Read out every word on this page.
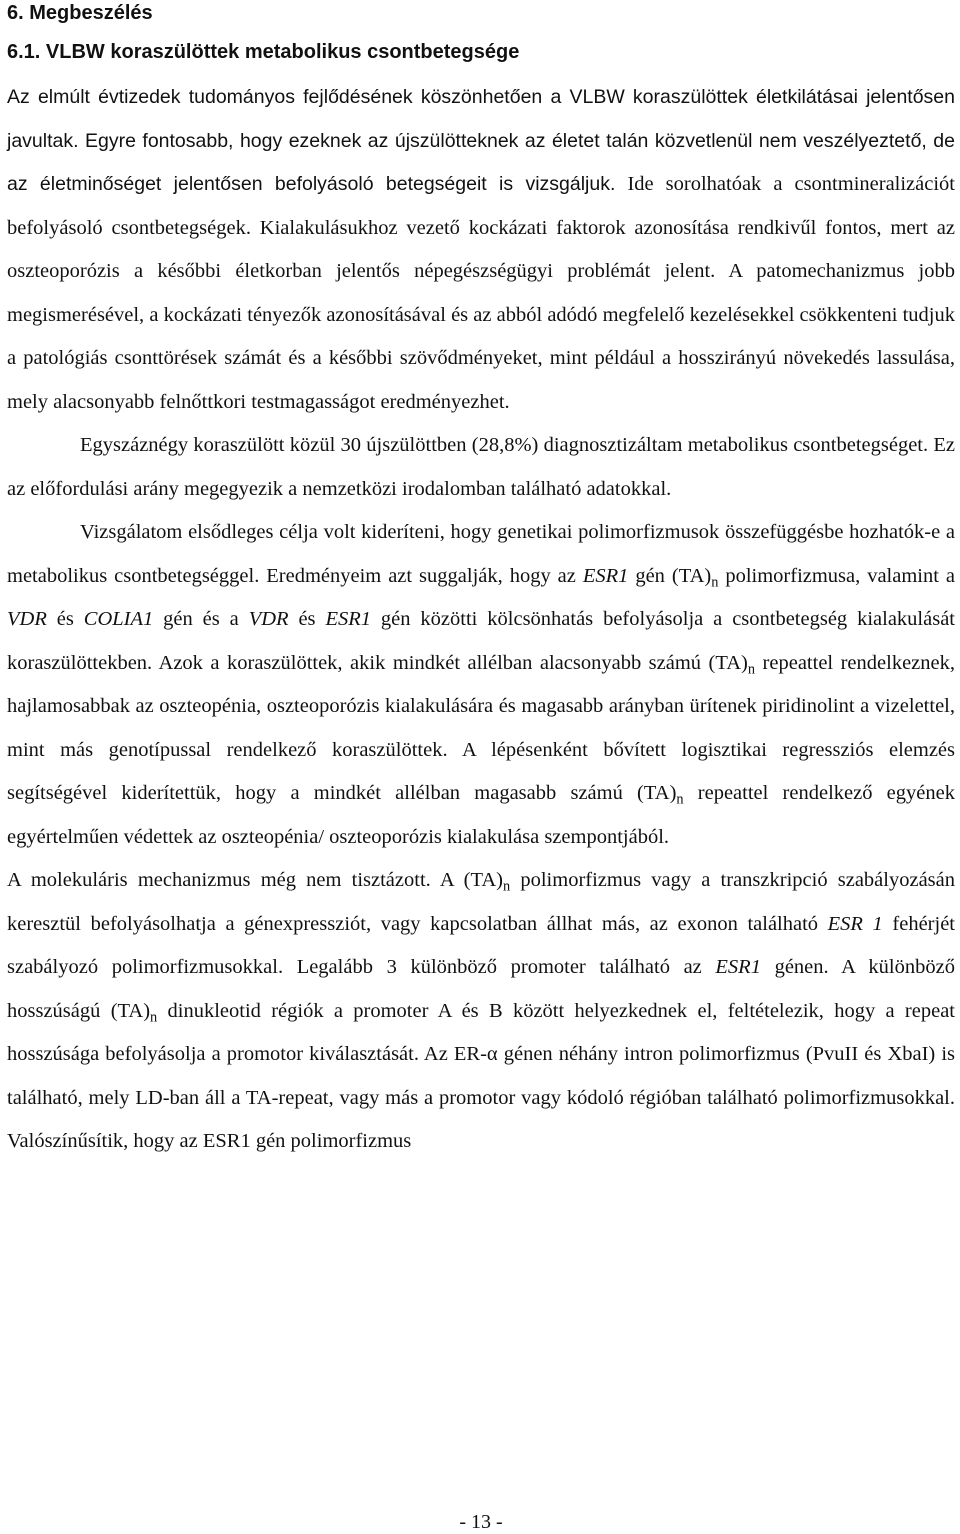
6. Megbeszélés
6.1. VLBW koraszülöttek metabolikus csontbetegsége

Az elmúlt évtizedek tudományos fejlődésének köszönhetően a VLBW koraszülöttek életkilátásai jelentősen javultak. Egyre fontosabb, hogy ezeknek az újszülötteknek az életet talán közvetlenül nem veszélyeztető, de az életminőséget jelentősen befolyásoló betegségeit is vizsgáljuk. Ide sorolhatóak a csontmineralizációt befolyásoló csontbetegségek. Kialakulásukhoz vezető kockázati faktorok azonosítása rendkivűl fontos, mert az oszteoporózis a későbbi életkorban jelentős népegészségügyi problémát jelent. A patomechanizmus jobb megismerésével, a kockázati tényezők azonosításával és az abból adódó megfelelő kezelésekkel csökkenteni tudjuk a patológiás csonttörések számát és a későbbi szövődményeket, mint például a hosszirányú növekedés lassulása, mely alacsonyabb felnőttkori testmagasságot eredményezhet.

Egyszáznégy koraszülött közül 30 újszülöttben (28,8%) diagnosztizáltam metabolikus csontbetegséget. Ez az előfordulási arány megegyezik a nemzetközi irodalomban található adatokkal.

Vizsgálatom elsődleges célja volt kideríteni, hogy genetikai polimorfizmusok összefüggésbe hozhatók-e a metabolikus csontbetegséggel. Eredményeim azt suggalják, hogy az ESR1 gén $(TA)_n$ polimorfizmusa, valamint a VDR és COLIA1 gén és a VDR és ESR1 gén közötti kölcsönhatás befolyásolja a csontbetegség kialakulását koraszülöttekben. Azok a koraszülöttek, akik mindkét allélban alacsonyabb számú $(TA)_n$ repeattel rendelkeznek, hajlamosabbak az oszteopénia, oszteoporózis kialakulására és magasabb arányban ürítenek piridinolint a vizelettel, mint más genotípussal rendelkező koraszülöttek. A lépésenként bővített logisztikai regressziós elemzés segítségével kiderítettük, hogy a mindkét allélban magasabb számú $(TA)_n$ repeattel rendelkező egyének egyértelműen védettek az oszteopénia/ oszteoporózis kialakulása szempontjából.

A molekuláris mechanizmus még nem tisztázott. A $(TA)_n$ polimorfizmus vagy a transzkripció szabályozásán keresztül befolyásolhatja a génexpressziót, vagy kapcsolatban állhat más, az exonon található ESR 1 fehérjét szabályozó polimorfizmusokkal. Legalább 3 különböző promoter található az ESR1 génen. A különböző hosszúságú $(TA)_n$ dinukleotid régiók a promoter A és B között helyezkednek el, feltételezik, hogy a repeat hosszúsága befolyásolja a promotor kiválasztását. Az ER-α génen néhány intron polimorfizmus (PvuII és XbaI) is található, mely LD-ban áll a TA-repeat, vagy más a promotor vagy kódoló régióban található polimorfizmusokkal. Valószínűsítik, hogy az ESR1 gén polimorfizmus

- 13 -
